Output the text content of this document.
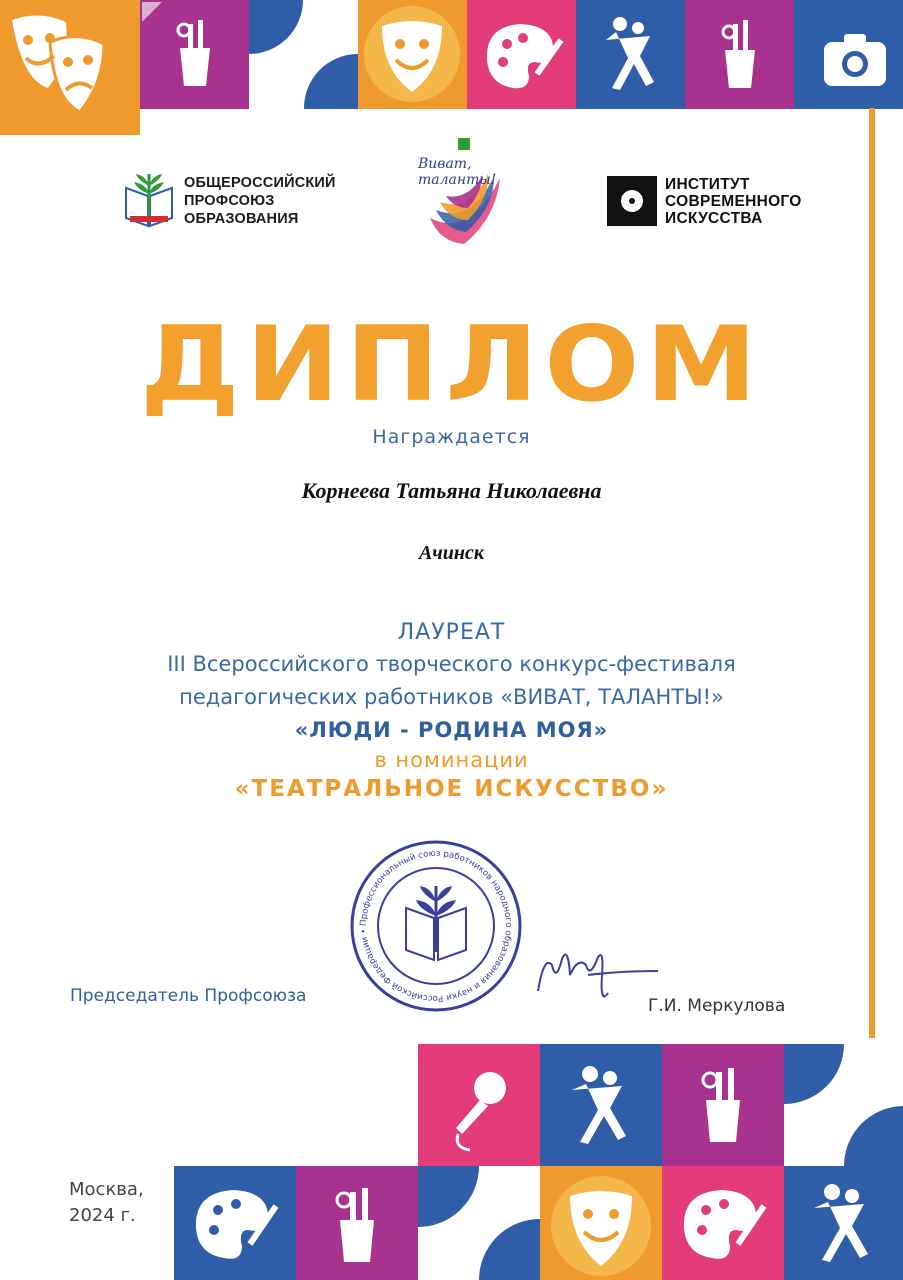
ОБЩЕРОССИЙСКИЙ
ПРОФСОЮЗ
ОБРАЗОВАНИЯ
Виват,
таланты!	ИНСТИТУТ
СОВРЕМЕННОГО
ИСКУССТВА
ДИПЛОМ
Награждается
Корнеева Татьяна Николаевна
Ачинск
ЛАУРЕАТ
III Всероссийского творческого конкурс-фестиваля
педагогических работников «ВИВАТ, ТАЛАНТЫ!»
«ЛЮДИ - РОДИНА МОЯ»
в номинации
«ТЕАТРАЛЬНОЕ ИСКУССТВО»
Профессиональный союз работников народного образования и науки Российской Федерации •
Председатель Профсоюза	Г.И. Меркулова
Москва,
2024 г.
